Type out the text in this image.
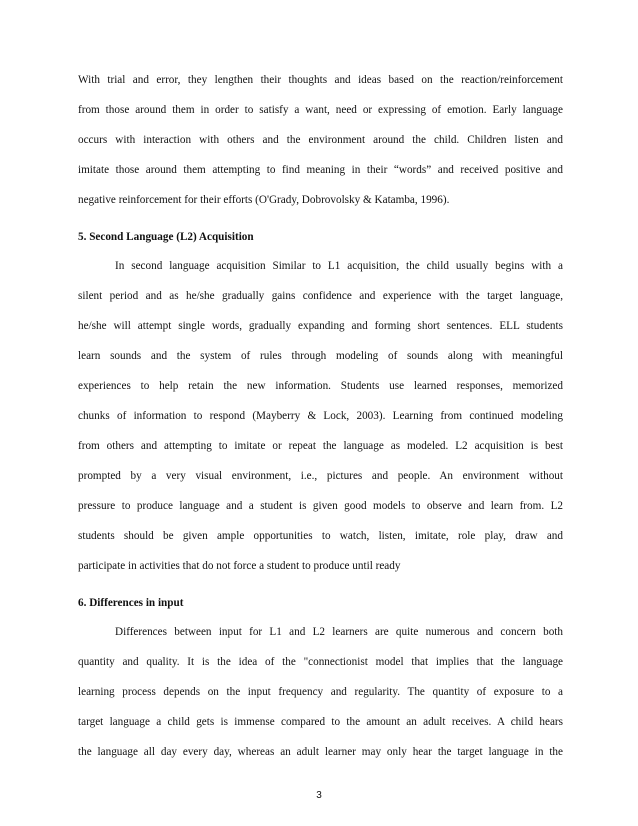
With trial and error, they lengthen their thoughts and ideas based on the reaction/reinforcement
from those around them in order to satisfy a want, need or expressing of emotion. Early language
occurs with interaction with others and the environment around the child. Children listen and
imitate those around them attempting to find meaning in their “words” and received positive and
negative reinforcement for their efforts (O'Grady, Dobrovolsky & Katamba, 1996).
5. Second Language (L2) Acquisition
In second language acquisition Similar to L1 acquisition, the child usually begins with a
silent period and as he/she gradually gains confidence and experience with the target language,
he/she will attempt single words, gradually expanding and forming short sentences. ELL students
learn sounds and the system of rules through modeling of sounds along with meaningful
experiences to help retain the new information. Students use learned responses, memorized
chunks of information to respond (Mayberry & Lock, 2003). Learning from continued modeling
from others and attempting to imitate or repeat the language as modeled. L2 acquisition is best
prompted by a very visual environment, i.e., pictures and people. An environment without
pressure to produce language and a student is given good models to observe and learn from. L2
students should be given ample opportunities to watch, listen, imitate, role play, draw and
participate in activities that do not force a student to produce until ready
6. Differences in input
Differences between input for L1 and L2 learners are quite numerous and concern both
quantity and quality. It is the idea of the "connectionist model that implies that the language
learning process depends on the input frequency and regularity. The quantity of exposure to a
target language a child gets is immense compared to the amount an adult receives. A child hears
the language all day every day, whereas an adult learner may only hear the target language in the
3
